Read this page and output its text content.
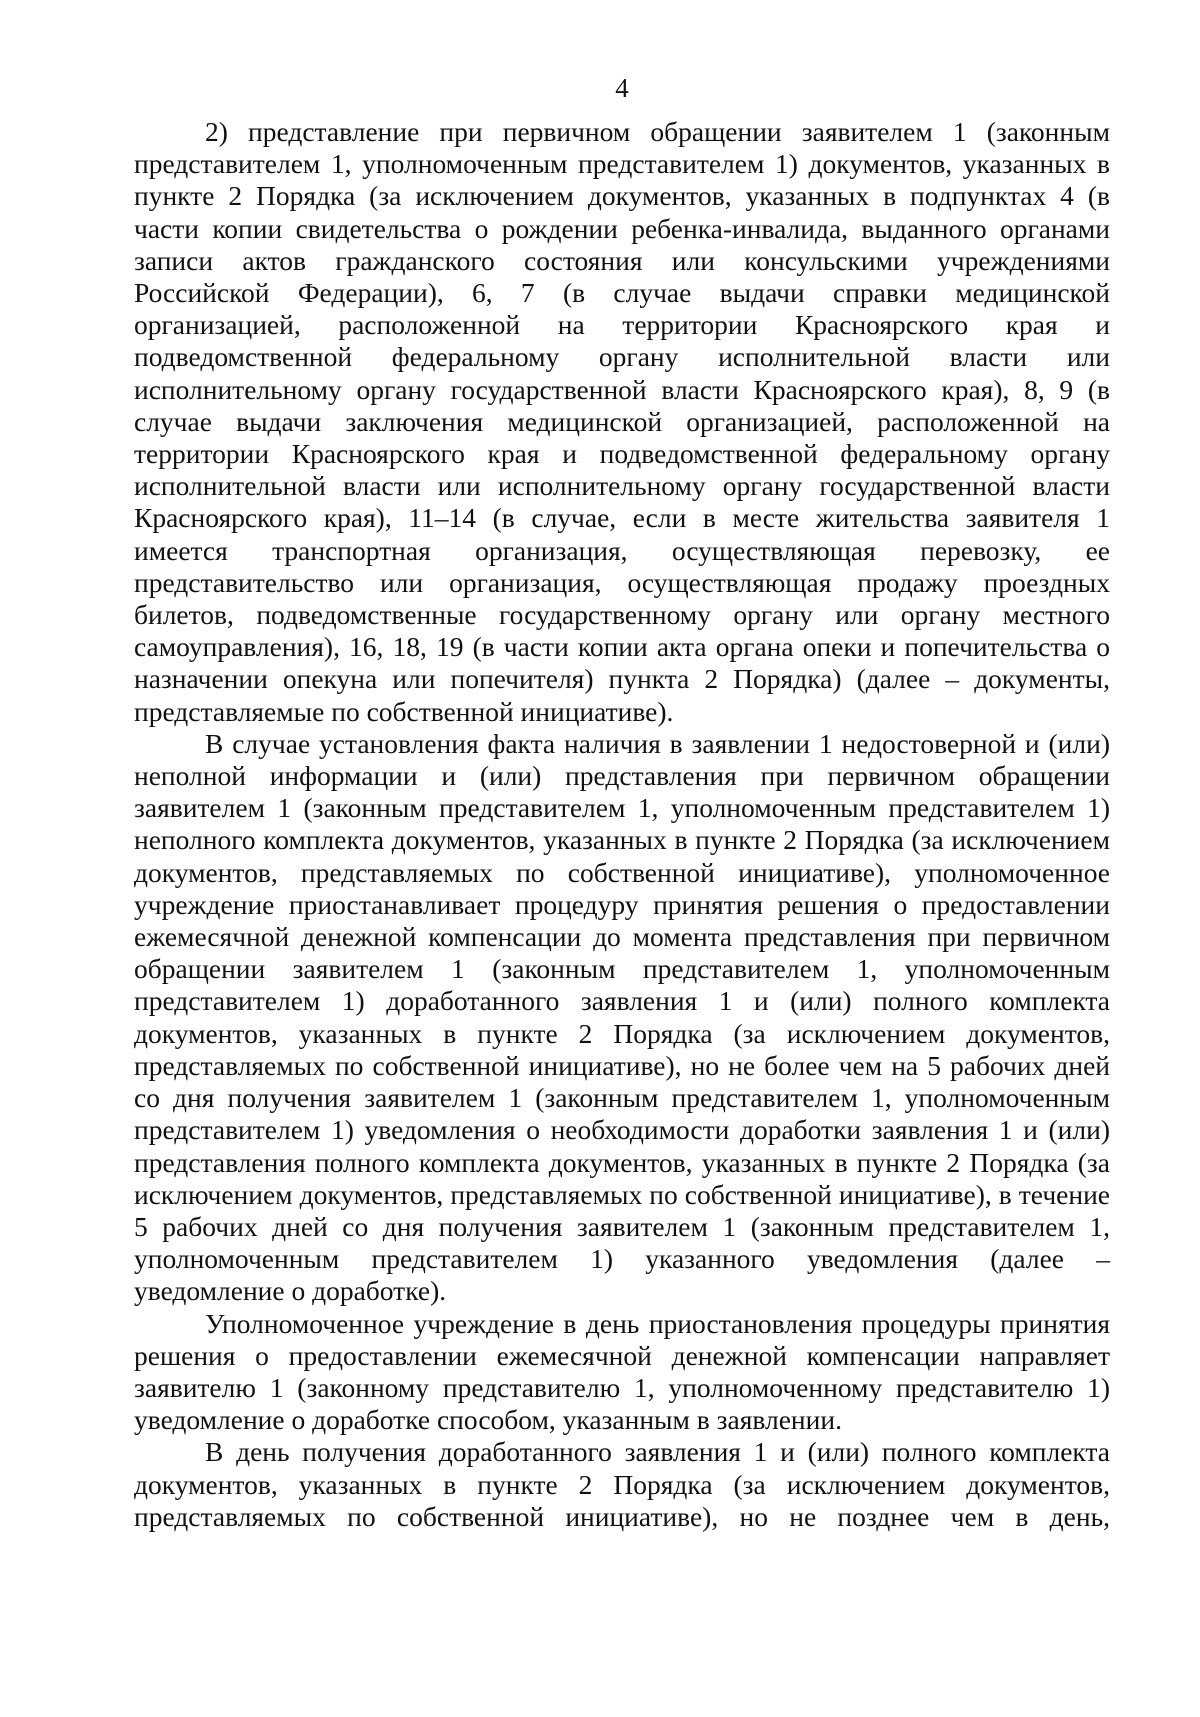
4

2) представление при первичном обращении заявителем 1 (законным представителем 1, уполномоченным представителем 1) документов, указанных в пункте 2 Порядка (за исключением документов, указанных в подпунктах 4 (в части копии свидетельства о рождении ребенка-инвалида, выданного органами записи актов гражданского состояния или консульскими учреждениями Российской Федерации), 6, 7 (в случае выдачи справки медицинской организацией, расположенной на территории Красноярского края и подведомственной федеральному органу исполнительной власти или исполнительному органу государственной власти Красноярского края), 8, 9 (в случае выдачи заключения медицинской организацией, расположенной на территории Красноярского края и подведомственной федеральному органу исполнительной власти или исполнительному органу государственной власти Красноярского края), 11–14 (в случае, если в месте жительства заявителя 1 имеется транспортная организация, осуществляющая перевозку, ее представительство или организация, осуществляющая продажу проездных билетов, подведомственные государственному органу или органу местного самоуправления), 16, 18, 19 (в части копии акта органа опеки и попечительства о назначении опекуна или попечителя) пункта 2 Порядка) (далее – документы, представляемые по собственной инициативе).

В случае установления факта наличия в заявлении 1 недостоверной и (или) неполной информации и (или) представления при первичном обращении заявителем 1 (законным представителем 1, уполномоченным представителем 1) неполного комплекта документов, указанных в пункте 2 Порядка (за исключением документов, представляемых по собственной инициативе), уполномоченное учреждение приостанавливает процедуру принятия решения о предоставлении ежемесячной денежной компенсации до момента представления при первичном обращении заявителем 1 (законным представителем 1, уполномоченным представителем 1) доработанного заявления 1 и (или) полного комплекта документов, указанных в пункте 2 Порядка (за исключением документов, представляемых по собственной инициативе), но не более чем на 5 рабочих дней со дня получения заявителем 1 (законным представителем 1, уполномоченным представителем 1) уведомления о необходимости доработки заявления 1 и (или) представления полного комплекта документов, указанных в пункте 2 Порядка (за исключением документов, представляемых по собственной инициативе), в течение 5 рабочих дней со дня получения заявителем 1 (законным представителем 1, уполномоченным представителем 1) указанного уведомления (далее – уведомление о доработке).

Уполномоченное учреждение в день приостановления процедуры принятия решения о предоставлении ежемесячной денежной компенсации направляет заявителю 1 (законному представителю 1, уполномоченному представителю 1) уведомление о доработке способом, указанным в заявлении.

В день получения доработанного заявления 1 и (или) полного комплекта документов, указанных в пункте 2 Порядка (за исключением документов, представляемых по собственной инициативе), но не позднее чем в день,
